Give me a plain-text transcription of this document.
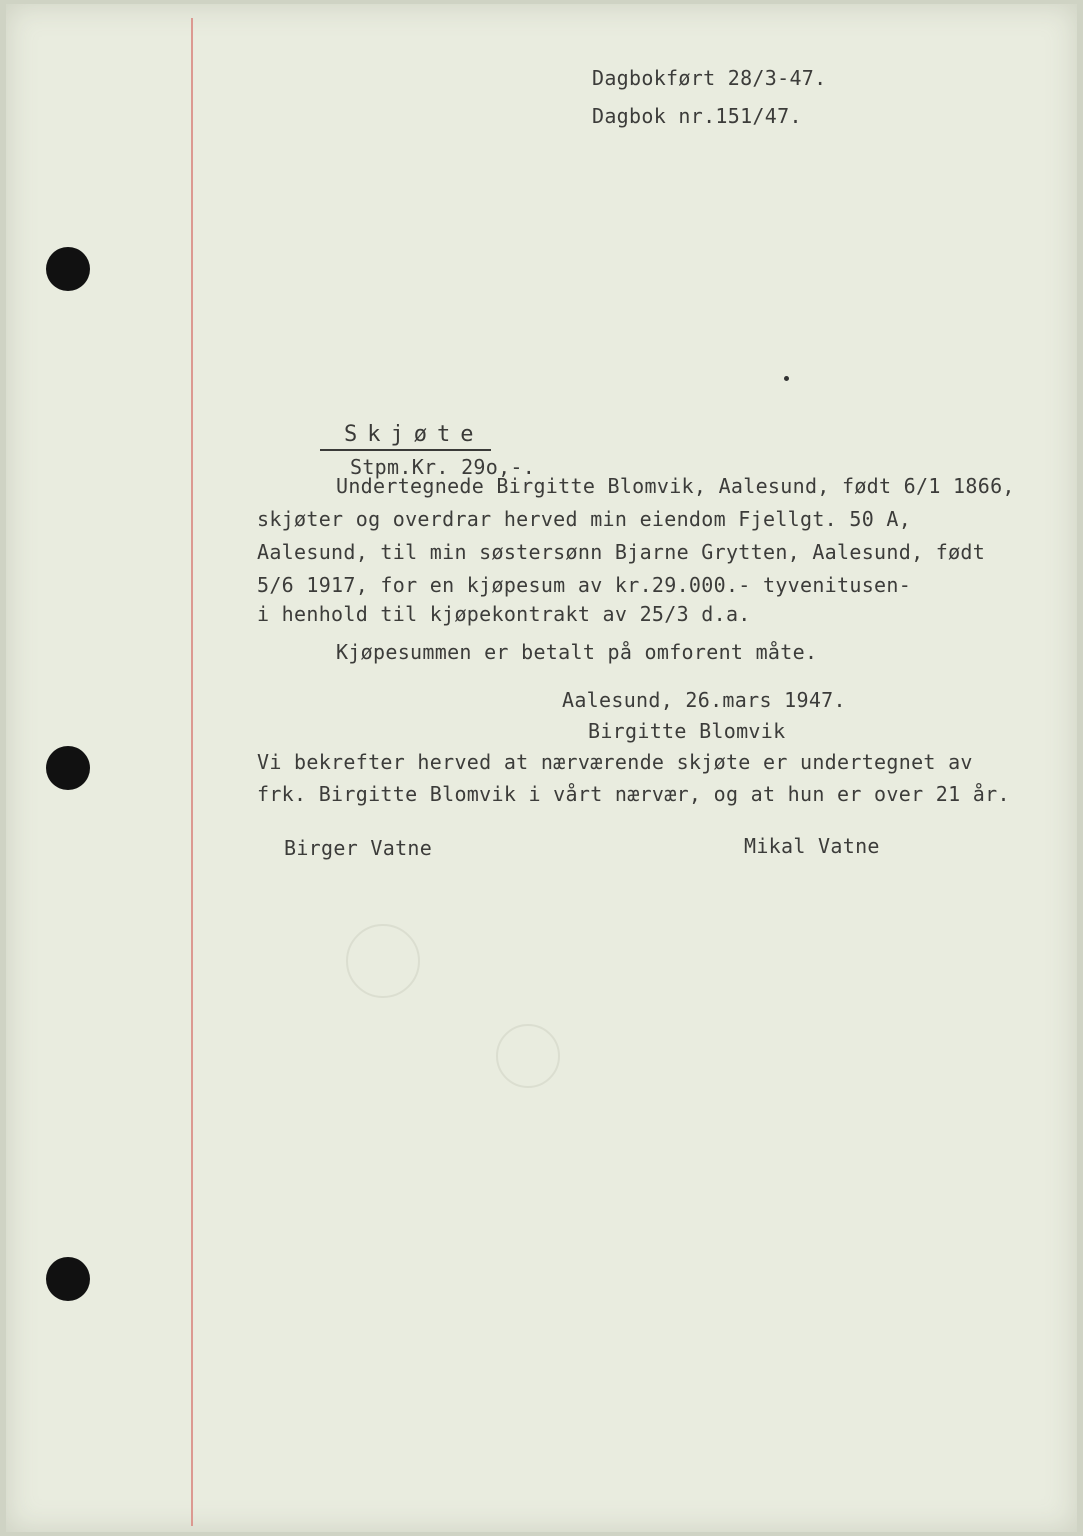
Dagbokført 28/3-47.
Dagbok nr.151/47.
Skjøte
Stpm.Kr. 29o,-.
Undertegnede Birgitte Blomvik, Aalesund, født 6/1 1866,
skjøter og overdrar herved min eiendom Fjellgt. 50 A,
Aalesund, til min søstersønn Bjarne Grytten, Aalesund, født
5/6 1917, for en kjøpesum av kr.29.000.- tyvenitusen-
i henhold til kjøpekontrakt av 25/3 d.a.
Kjøpesummen er betalt på omforent måte.
Aalesund, 26.mars 1947.
Birgitte Blomvik
Vi bekrefter herved at nærværende skjøte er undertegnet av
frk. Birgitte Blomvik i vårt nærvær, og at hun er over 21 år.
Birger Vatne	Mikal Vatne
